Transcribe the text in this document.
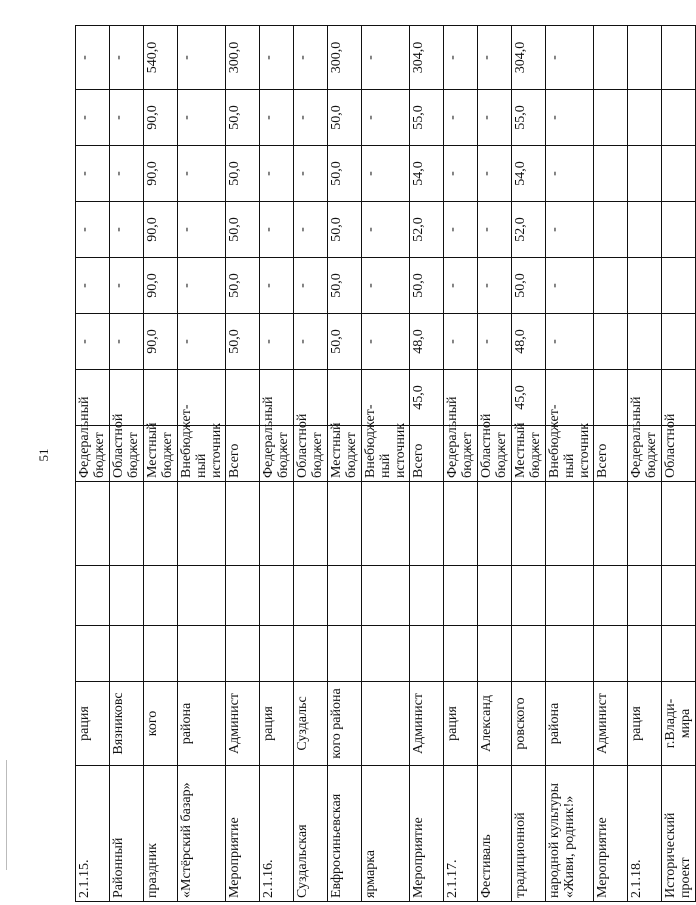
51
2.1.15.	рация				Федеральный бюджет		-	-	-	-	-	-
Районный	Вязниковс				Областной бюджет		-	-	-	-	-	-
праздник	кого				Местный бюджет		90,0	90,0	90,0	90,0	90,0	540,0
«Мстёрский базар»	района				Внебюджет-ный источник		-	-	-	-	-	-
Мероприятие	Админист				Всего		50,0	50,0	50,0	50,0	50,0	300,0
2.1.16.	рация				Федеральный бюджет		-	-	-	-	-	-
Суздальская	Суздальс				Областной бюджет		-	-	-	-	-	-
Евфросиньевская	кого района				Местный бюджет		50,0	50,0	50,0	50,0	50,0	300,0
ярмарка					Внебюджет-ный источник		-	-	-	-	-	-
Мероприятие	Админист				Всего	45,0	48,0	50,0	52,0	54,0	55,0	304,0
2.1.17.	рация				Федеральный бюджет		-	-	-	-	-	-
Фестиваль	Александ				Областной бюджет		-	-	-	-	-	-
традиционной	ровского				Местный бюджет	45,0	48,0	50,0	52,0	54,0	55,0	304,0
народной культуры «Живи, родник!»	района				Внебюджет-ный источник		-	-	-	-	-	-
Мероприятие	Админист				Всего							
2.1.18.	рация				Федеральный бюджет							
Исторический проект	г.Влади-мира				Областной							
